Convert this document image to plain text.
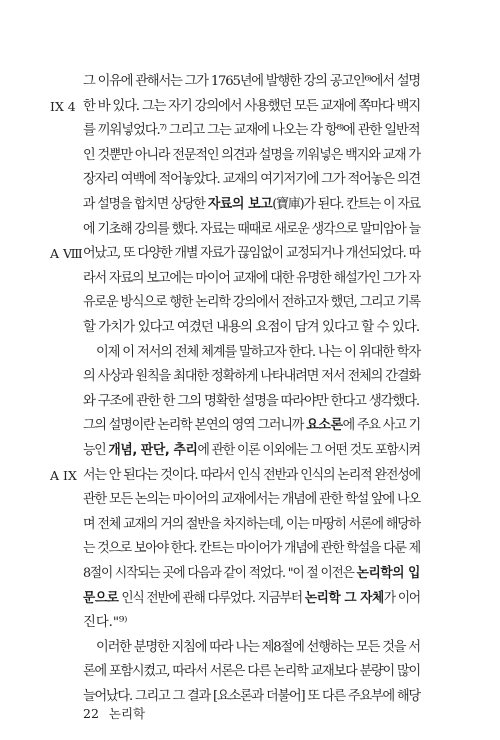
그 이유에 관해서는 그가 1765년에 발행한 강의 공고인⁶⁾에서 설명
한 바 있다. 그는 자기 강의에서 사용했던 모든 교재에 쪽마다 백지
를 끼워넣었다.⁷⁾ 그리고 그는 교재에 나오는 각 항⁸⁾에 관한 일반적
인 것뿐만 아니라 전문적인 의견과 설명을 끼워넣은 백지와 교재 가
장자리 여백에 적어놓았다. 교재의 여기저기에 그가 적어놓은 의견
과 설명을 합치면 상당한 자료의 보고(寶庫)가 된다. 칸트는 이 자료
에 기초해 강의를 했다. 자료는 때때로 새로운 생각으로 말미암아 늘
어났고, 또 다양한 개별 자료가 끊임없이 교정되거나 개선되었다. 따
라서 자료의 보고에는 마이어 교재에 대한 유명한 해설가인 그가 자
유로운 방식으로 행한 논리학 강의에서 전하고자 했던, 그리고 기록
할 가치가 있다고 여겼던 내용의 요점이 담겨 있다고 할 수 있다.
이제 이 저서의 전체 체계를 말하고자 한다. 나는 이 위대한 학자
의 사상과 원칙을 최대한 정확하게 나타내려면 저서 전체의 간결화
와 구조에 관한 한 그의 명확한 설명을 따라야만 한다고 생각했다.
그의 설명이란 논리학 본연의 영역 그러니까 요소론에 주요 사고 기
능인 개념, 판단, 추리에 관한 이론 이외에는 그 어떤 것도 포함시켜
서는 안 된다는 것이다. 따라서 인식 전반과 인식의 논리적 완전성에
관한 모든 논의는 마이어의 교재에서는 개념에 관한 학설 앞에 나오
며 전체 교재의 거의 절반을 차지하는데, 이는 마땅히 서론에 해당하
는 것으로 보아야 한다. 칸트는 마이어가 개념에 관한 학설을 다룬 제
8절이 시작되는 곳에 다음과 같이 적었다. "이 절 이전은 논리학의 입
문으로 인식 전반에 관해 다루었다. 지금부터 논리학 그 자체가 이어
진다."⁹⁾
이러한 분명한 지침에 따라 나는 제8절에 선행하는 모든 것을 서
론에 포함시켰고, 따라서 서론은 다른 논리학 교재보다 분량이 많이
늘어났다. 그리고 그 결과 [요소론과 더불어] 또 다른 주요부에 해당
IX 4
A Ⅷ
A IX
22 논리학
